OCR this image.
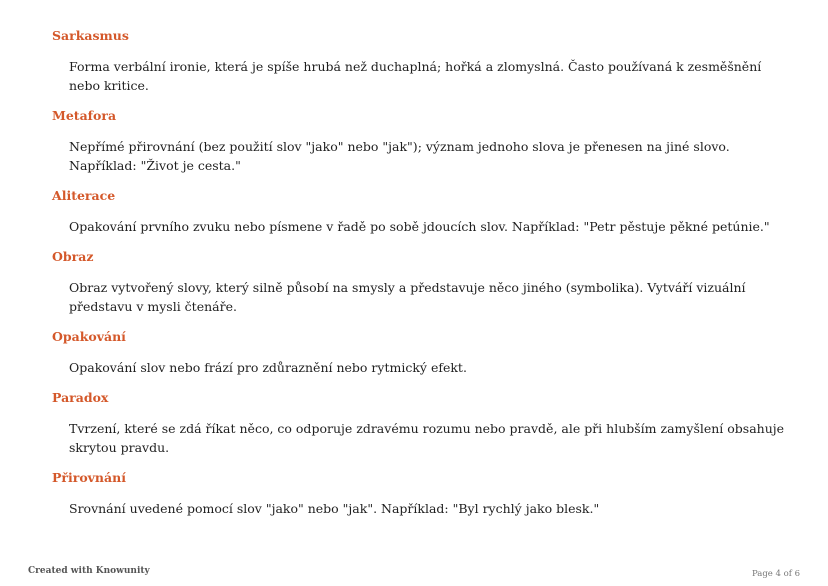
Sarkasmus

Forma verbální ironie, která je spíše hrubá než duchaplná; hořká a zlomyslná. Často používaná k zesměšnění nebo kritice.

Metafora

Nepřímé přirovnání (bez použití slov "jako" nebo "jak"); význam jednoho slova je přenesen na jiné slovo. Například: "Život je cesta."

Aliterace

Opakování prvního zvuku nebo písmene v řadě po sobě jdoucích slov. Například: "Petr pěstuje pěkné petúnie."

Obraz

Obraz vytvořený slovy, který silně působí na smysly a představuje něco jiného (symbolika). Vytváří vizuální představu v mysli čtenáře.

Opakování

Opakování slov nebo frází pro zdůraznění nebo rytmický efekt.

Paradox

Tvrzení, které se zdá říkat něco, co odporuje zdravému rozumu nebo pravdě, ale při hlubším zamyšlení obsahuje skrytou pravdu.

Přirovnání

Srovnání uvedené pomocí slov "jako" nebo "jak". Například: "Byl rychlý jako blesk."

Created with Knowunity	Page 4 of 6
